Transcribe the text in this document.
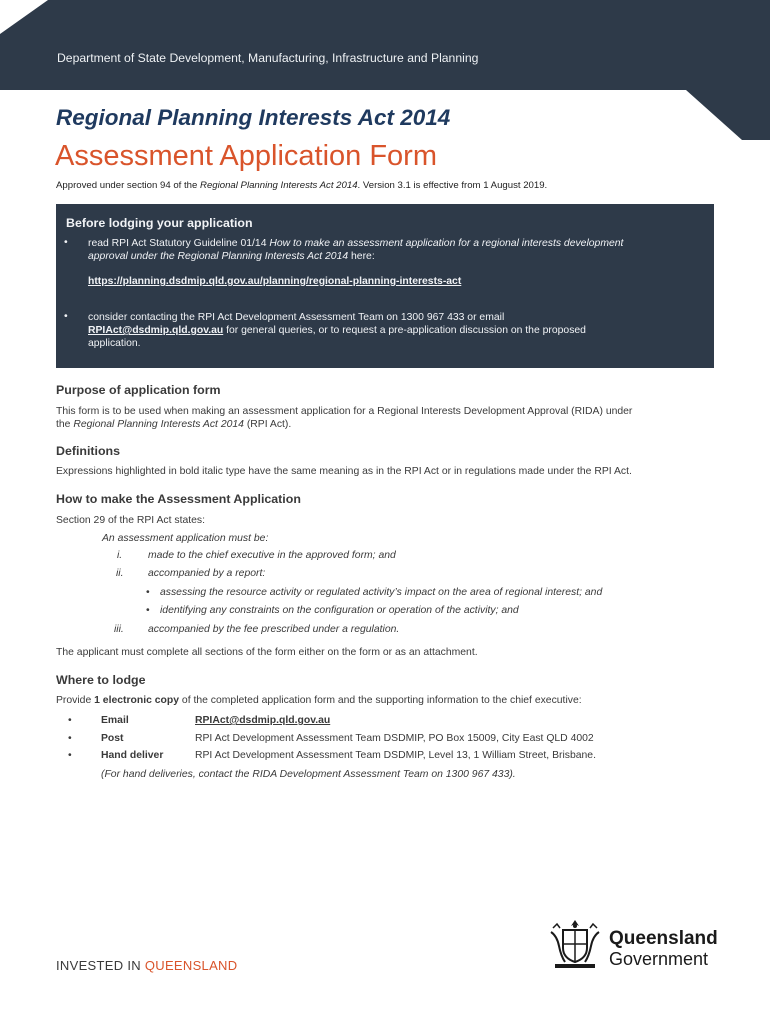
Department of State Development, Manufacturing, Infrastructure and Planning
Regional Planning Interests Act 2014
Assessment Application Form
Approved under section 94 of the Regional Planning Interests Act 2014. Version 3.1 is effective from 1 August 2019.
Before lodging your application
• read RPI Act Statutory Guideline 01/14 How to make an assessment application for a regional interests development
approval under the Regional Planning Interests Act 2014 here:
https://planning.dsdmip.qld.gov.au/planning/regional-planning-interests-act
• consider contacting the RPI Act Development Assessment Team on 1300 967 433 or email
RPIAct@dsdmip.qld.gov.au for general queries, or to request a pre-application discussion on the proposed
application.
Purpose of application form
This form is to be used when making an assessment application for a Regional Interests Development Approval (RIDA) under
the Regional Planning Interests Act 2014 (RPI Act).
Definitions
Expressions highlighted in bold italic type have the same meaning as in the RPI Act or in regulations made under the RPI Act.
How to make the Assessment Application
Section 29 of the RPI Act states:
An assessment application must be:
i. made to the chief executive in the approved form; and
ii. accompanied by a report:
• assessing the resource activity or regulated activity’s impact on the area of regional interest; and
• identifying any constraints on the configuration or operation of the activity; and
iii. accompanied by the fee prescribed under a regulation.
The applicant must complete all sections of the form either on the form or as an attachment.
Where to lodge
Provide 1 electronic copy of the completed application form and the supporting information to the chief executive:
•	Email	RPIAct@dsdmip.qld.gov.au
•	Post	RPI Act Development Assessment Team DSDMIP, PO Box 15009, City East QLD 4002
•	Hand deliver	RPI Act Development Assessment Team DSDMIP, Level 13, 1 William Street, Brisbane.
(For hand deliveries, contact the RIDA Development Assessment Team on 1300 967 433).
INVESTED IN QUEENSLAND
Queensland
Government
